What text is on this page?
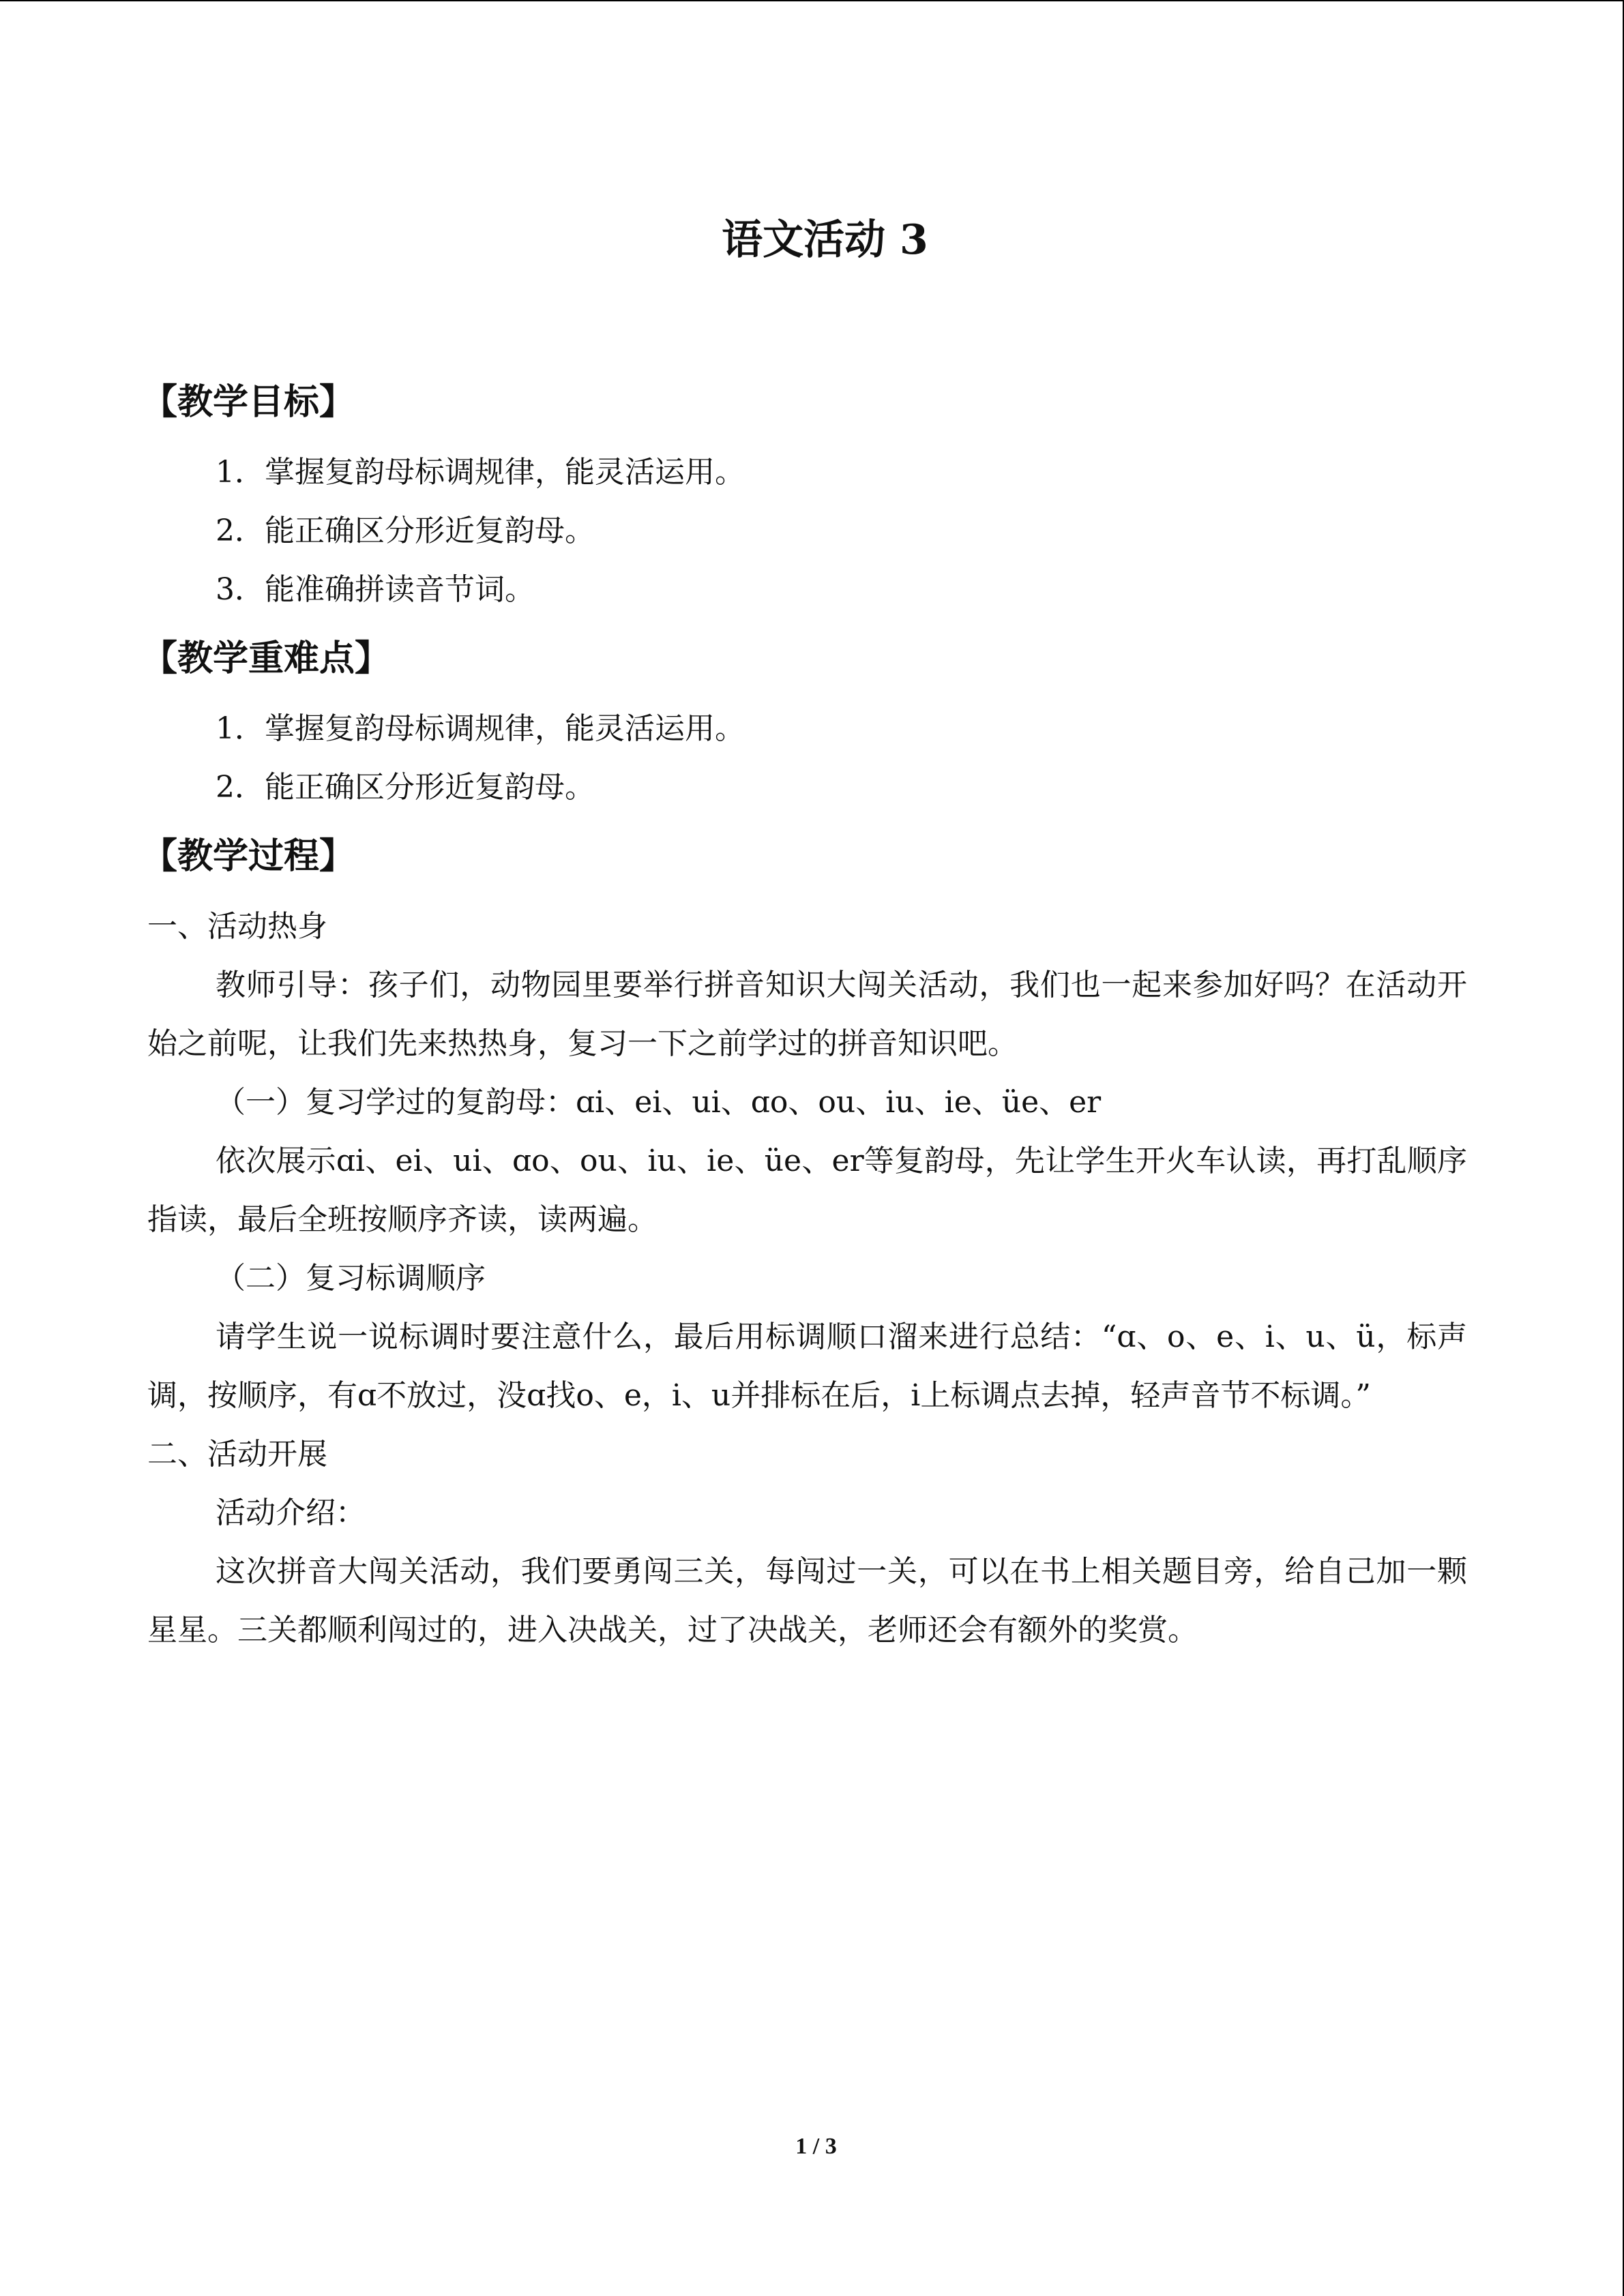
语文活动 3
【教学目标】
1．掌握复韵母标调规律，能灵活运用。
2．能正确区分形近复韵母。
3．能准确拼读音节词。
【教学重难点】
1．掌握复韵母标调规律，能灵活运用。
2．能正确区分形近复韵母。
【教学过程】

一、活动热身

教师引导：孩子们，动物园里要举行拼音知识大闯关活动，我们也一起来参加好吗？在活动开始之前呢，让我们先来热热身，复习一下之前学过的拼音知识吧。

（一）复习学过的复韵母：ɑi、ei、ui、ɑo、ou、iu、ie、üe、er

依次展示ɑi、ei、ui、ɑo、ou、iu、ie、üe、er等复韵母，先让学生开火车认读，再打乱顺序指读，最后全班按顺序齐读，读两遍。

（二）复习标调顺序

请学生说一说标调时要注意什么，最后用标调顺口溜来进行总结：“ɑ、o、e、i、u、ü，标声调，按顺序，有ɑ不放过，没ɑ找o、e，i、u并排标在后，i上标调点去掉，轻声音节不标调。”

二、活动开展

活动介绍：

这次拼音大闯关活动，我们要勇闯三关，每闯过一关，可以在书上相关题目旁，给自己加一颗星星。三关都顺利闯过的，进入决战关，过了决战关，老师还会有额外的奖赏。

1 / 3
